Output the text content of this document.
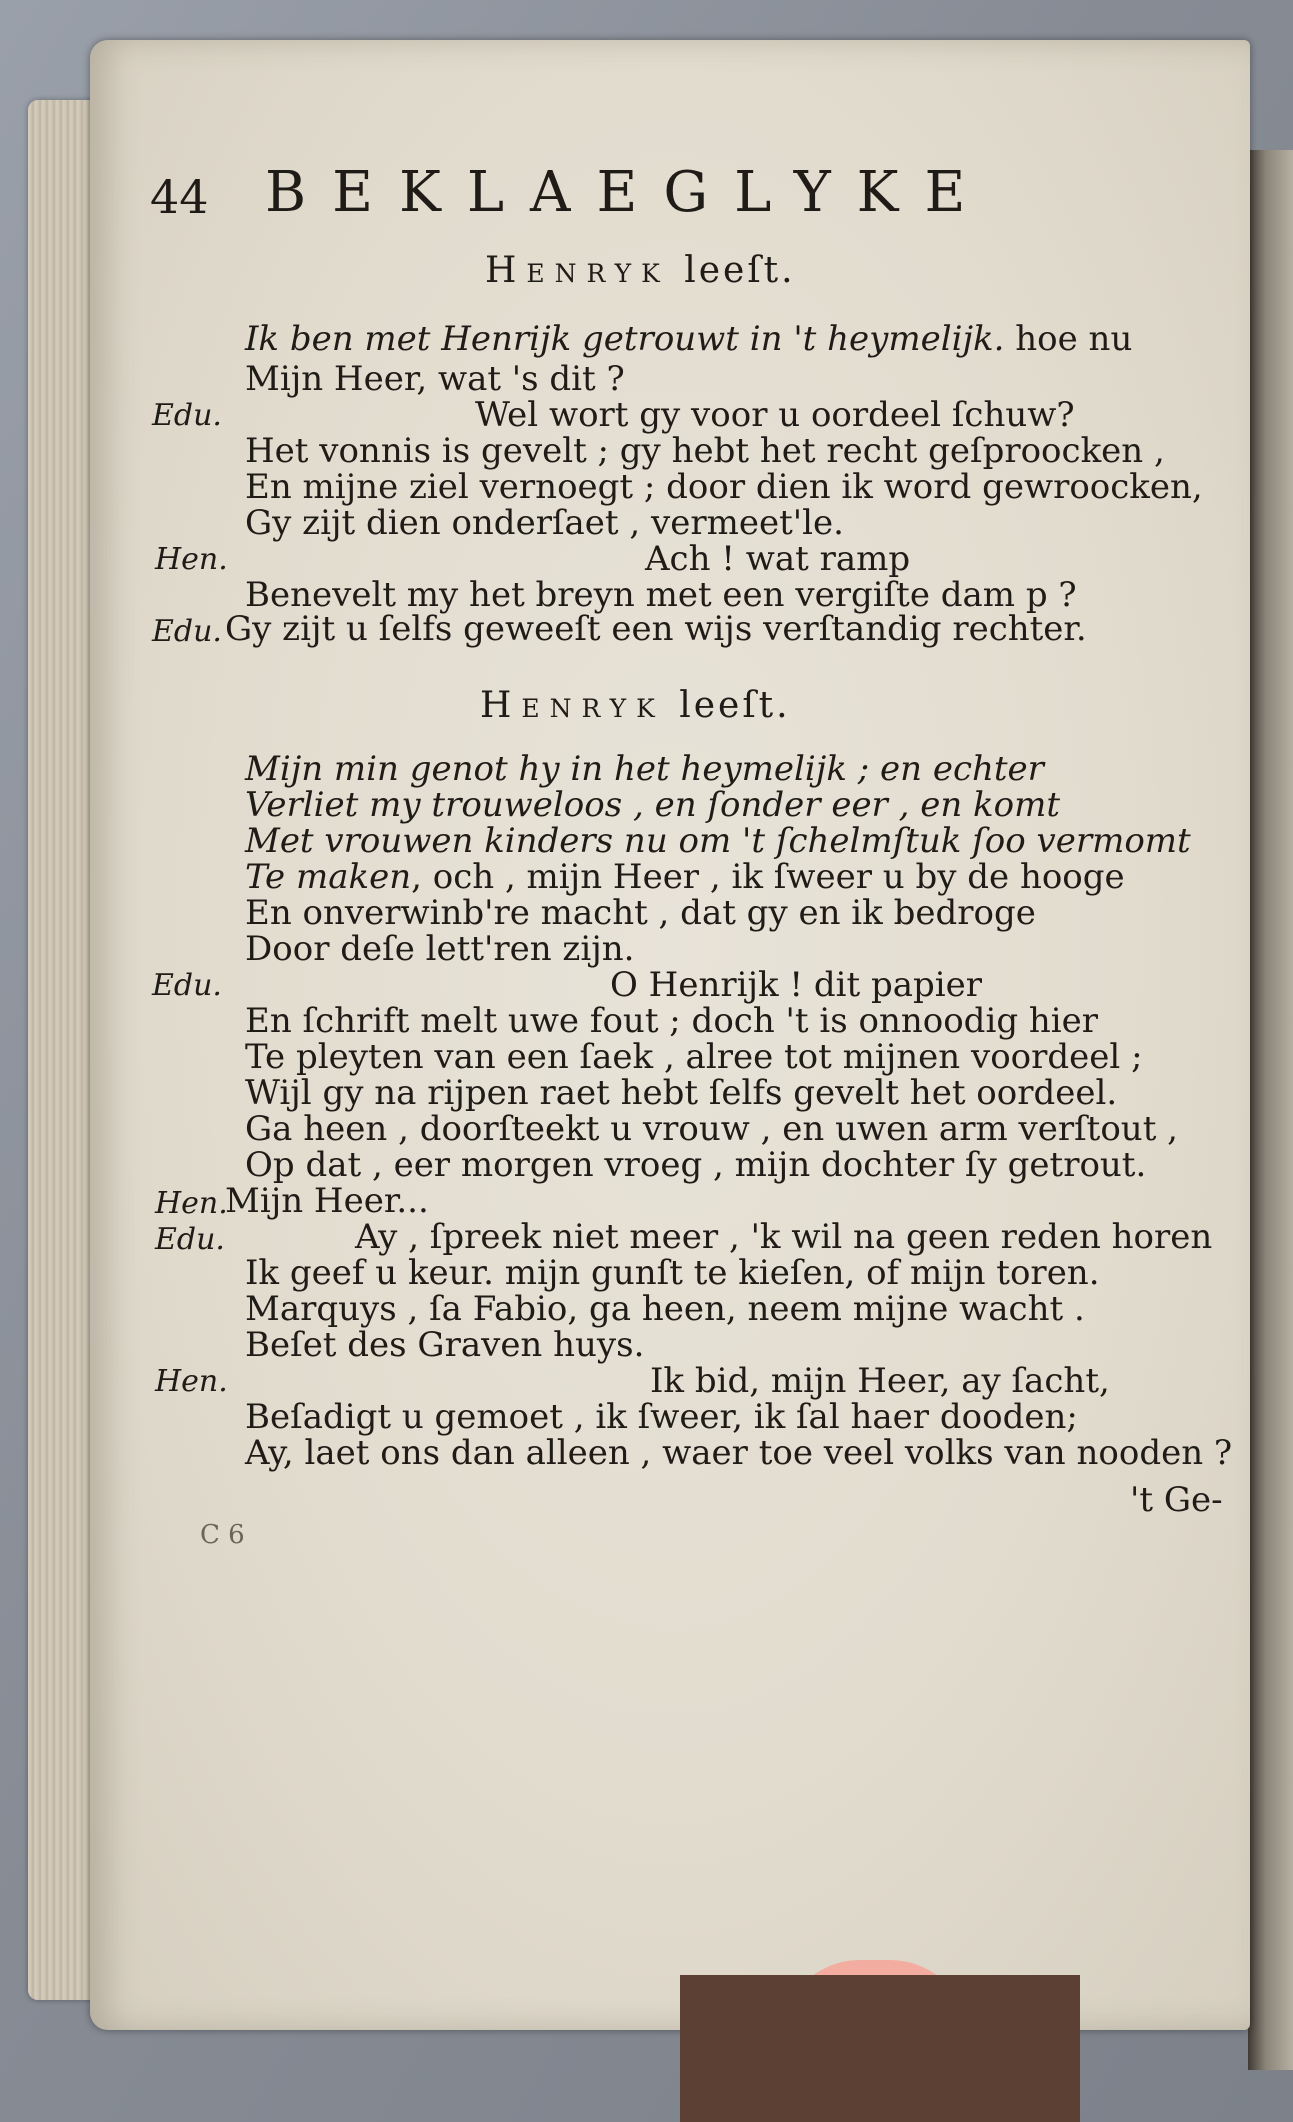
44 BEKLAEGLYKE
Henryk leeſt.
Ik ben met Henrijk getrouwt in 't heymelijk. hoe nu
Mijn Heer, wat 's dit ?
Edu.	Wel wort gy voor u oordeel ſchuw?
Het vonnis is gevelt ; gy hebt het recht geſproocken ,
En mijne ziel vernoegt ; door dien ik word gewroocken,
Gy zijt dien onderſaet , vermeet'le.
Hen.	Ach ! wat ramp
Benevelt my het breyn met een vergiſte dam p ?
Edu. Gy zijt u ſelfs geweeſt een wijs verſtandig rechter.
Henryk leeſt.
Mijn min genot hy in het heymelijk ; en echter
Verliet my trouweloos , en ſonder eer , en komt
Met vrouwen kinders nu om 't ſchelmſtuk ſoo vermomt
Te maken, och , mijn Heer , ik ſweer u by de hooge
En onverwinb're macht , dat gy en ik bedroge
Door deſe lett'ren zijn.
Edu.	O Henrijk ! dit papier
En ſchrift melt uwe fout ; doch 't is onnoodig hier
Te pleyten van een ſaek , alree tot mijnen voordeel ;
Wijl gy na rijpen raet hebt ſelfs gevelt het oordeel.
Ga heen , doorſteekt u vrouw , en uwen arm verſtout ,
Op dat , eer morgen vroeg , mijn dochter ſy getrout.
Hen.
Mijn Heer...
Edu.	Ay , ſpreek niet meer , 'k wil na geen reden horen
Ik geef u keur. mijn gunſt te kieſen, of mijn toren.
Marquys , ſa Fabio, ga heen, neem mijne wacht .
Beſet des Graven huys.
Hen.	Ik bid, mijn Heer, ay ſacht,
Beſadigt u gemoet , ik ſweer, ik ſal haer dooden;
Ay, laet ons dan alleen , waer toe veel volks van nooden ?
't Ge-
C 6
